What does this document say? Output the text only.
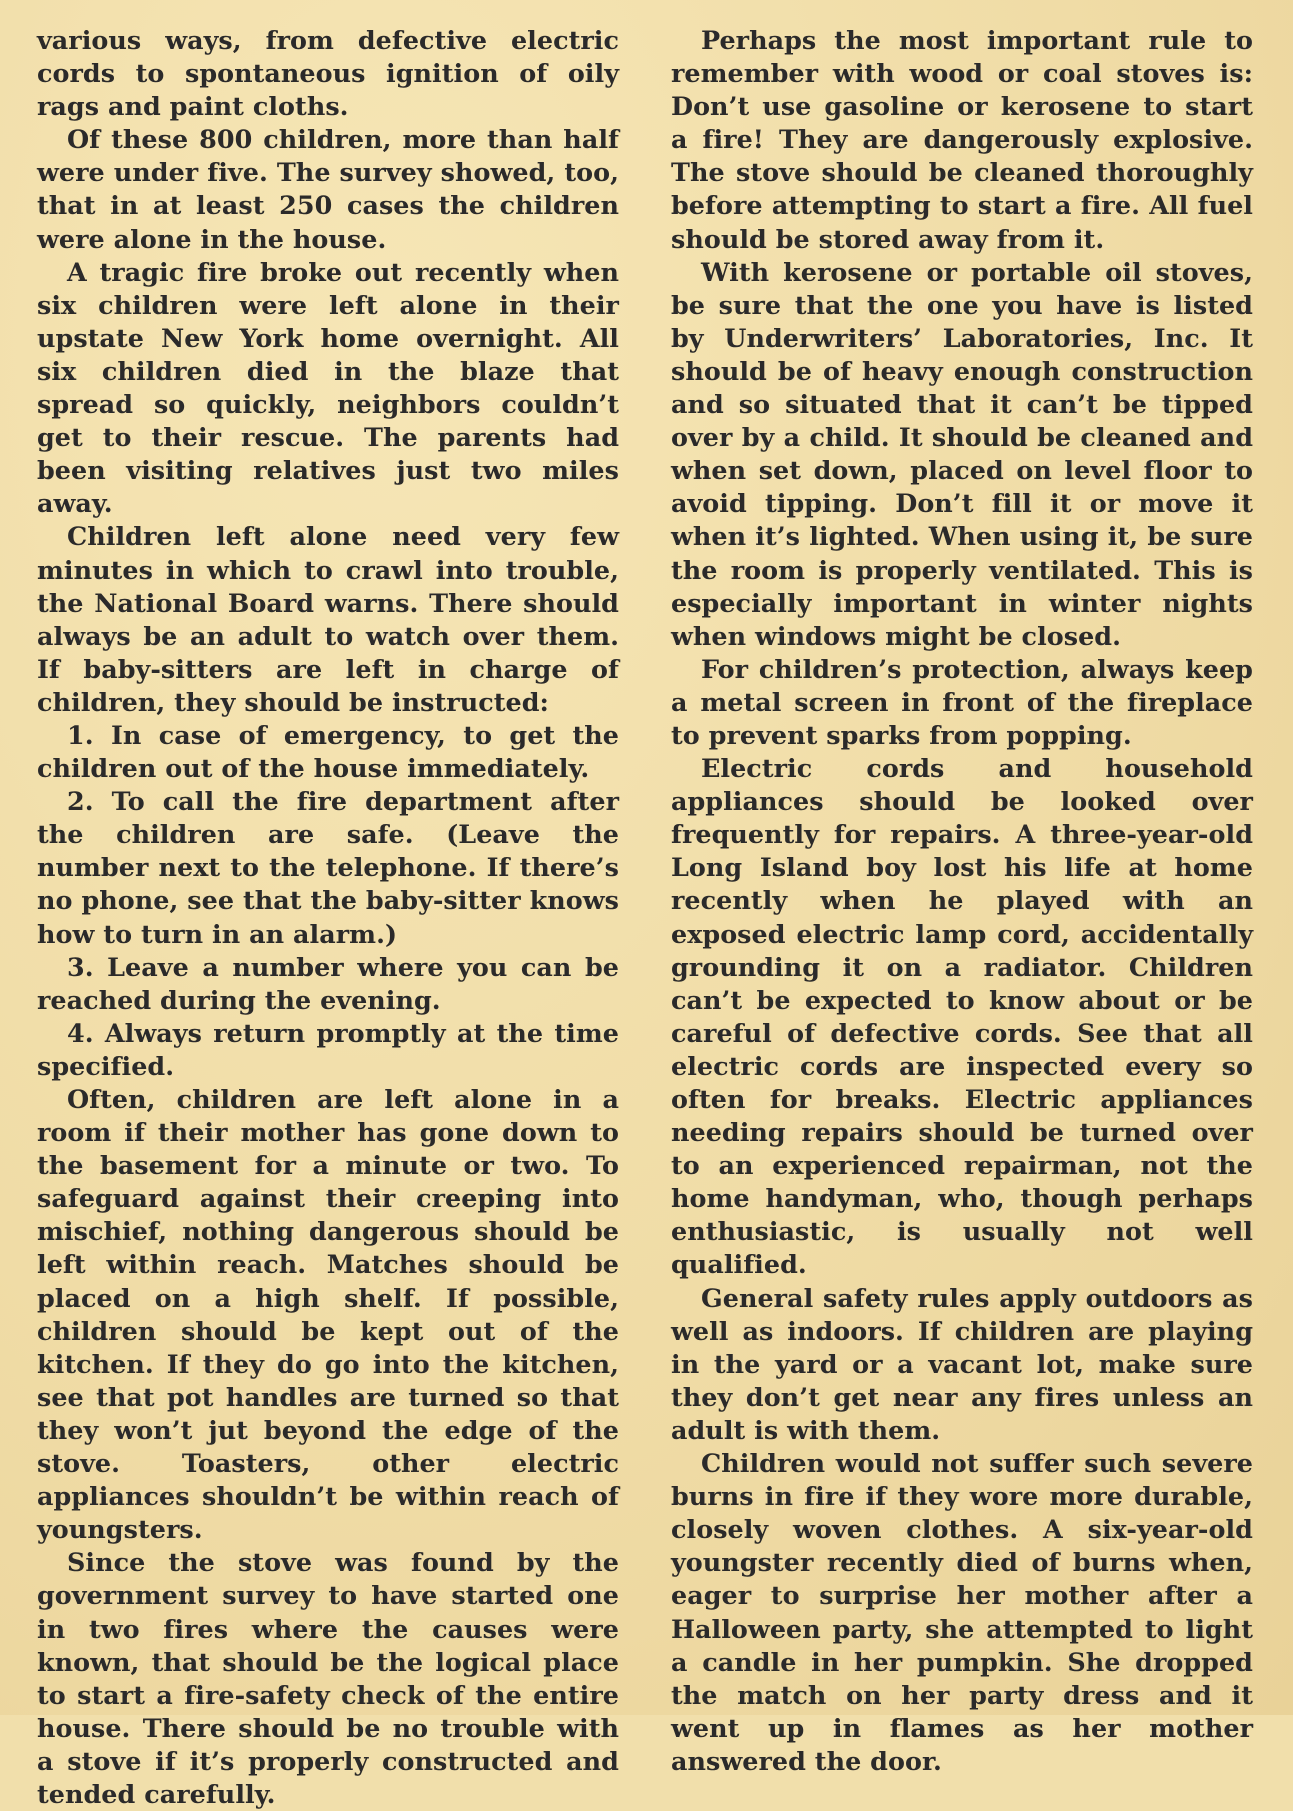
various ways, from defective electric cords to spontaneous ignition of oily rags and paint cloths.

Of these 800 children, more than half were under five. The survey showed, too, that in at least 250 cases the children were alone in the house.

A tragic fire broke out recently when six children were left alone in their upstate New York home overnight. All six children died in the blaze that spread so quickly, neighbors couldn’t get to their rescue. The parents had been visiting relatives just two miles away.

Children left alone need very few minutes in which to crawl into trouble, the National Board warns. There should always be an adult to watch over them. If baby-sitters are left in charge of children, they should be instructed:

1. In case of emergency, to get the children out of the house immediately.

2. To call the fire department after the children are safe. (Leave the number next to the telephone. If there’s no phone, see that the baby-sitter knows how to turn in an alarm.)

3. Leave a number where you can be reached during the evening.

4. Always return promptly at the time specified.

Often, children are left alone in a room if their mother has gone down to the basement for a minute or two. To safeguard against their creeping into mischief, nothing dangerous should be left within reach. Matches should be placed on a high shelf. If possible, children should be kept out of the kitchen. If they do go into the kitchen, see that pot handles are turned so that they won’t jut beyond the edge of the stove. Toasters, other electric appliances shouldn’t be within reach of youngsters.

Since the stove was found by the government survey to have started one in two fires where the causes were known, that should be the logical place to start a fire-safety check of the entire house. There should be no trouble with a stove if it’s properly constructed and tended carefully.

Perhaps the most important rule to remember with wood or coal stoves is: Don’t use gasoline or kerosene to start a fire! They are dangerously explosive. The stove should be cleaned thoroughly before attempting to start a fire. All fuel should be stored away from it.

With kerosene or portable oil stoves, be sure that the one you have is listed by Underwriters’ Laboratories, Inc. It should be of heavy enough construction and so situated that it can’t be tipped over by a child. It should be cleaned and when set down, placed on level floor to avoid tipping. Don’t fill it or move it when it’s lighted. When using it, be sure the room is properly ventilated. This is especially important in winter nights when windows might be closed.

For children’s protection, always keep a metal screen in front of the fireplace to prevent sparks from popping.

Electric cords and household appliances should be looked over frequently for repairs. A three-year-old Long Island boy lost his life at home recently when he played with an exposed electric lamp cord, accidentally grounding it on a radiator. Children can’t be expected to know about or be careful of defective cords. See that all electric cords are inspected every so often for breaks. Electric appliances needing repairs should be turned over to an experienced repairman, not the home handyman, who, though perhaps enthusiastic, is usually not well qualified.

General safety rules apply outdoors as well as indoors. If children are playing in the yard or a vacant lot, make sure they don’t get near any fires unless an adult is with them.

Children would not suffer such severe burns in fire if they wore more durable, closely woven clothes. A six-year-old youngster recently died of burns when, eager to surprise her mother after a Halloween party, she attempted to light a candle in her pumpkin. She dropped the match on her party dress and it went up in flames as her mother answered the door.
